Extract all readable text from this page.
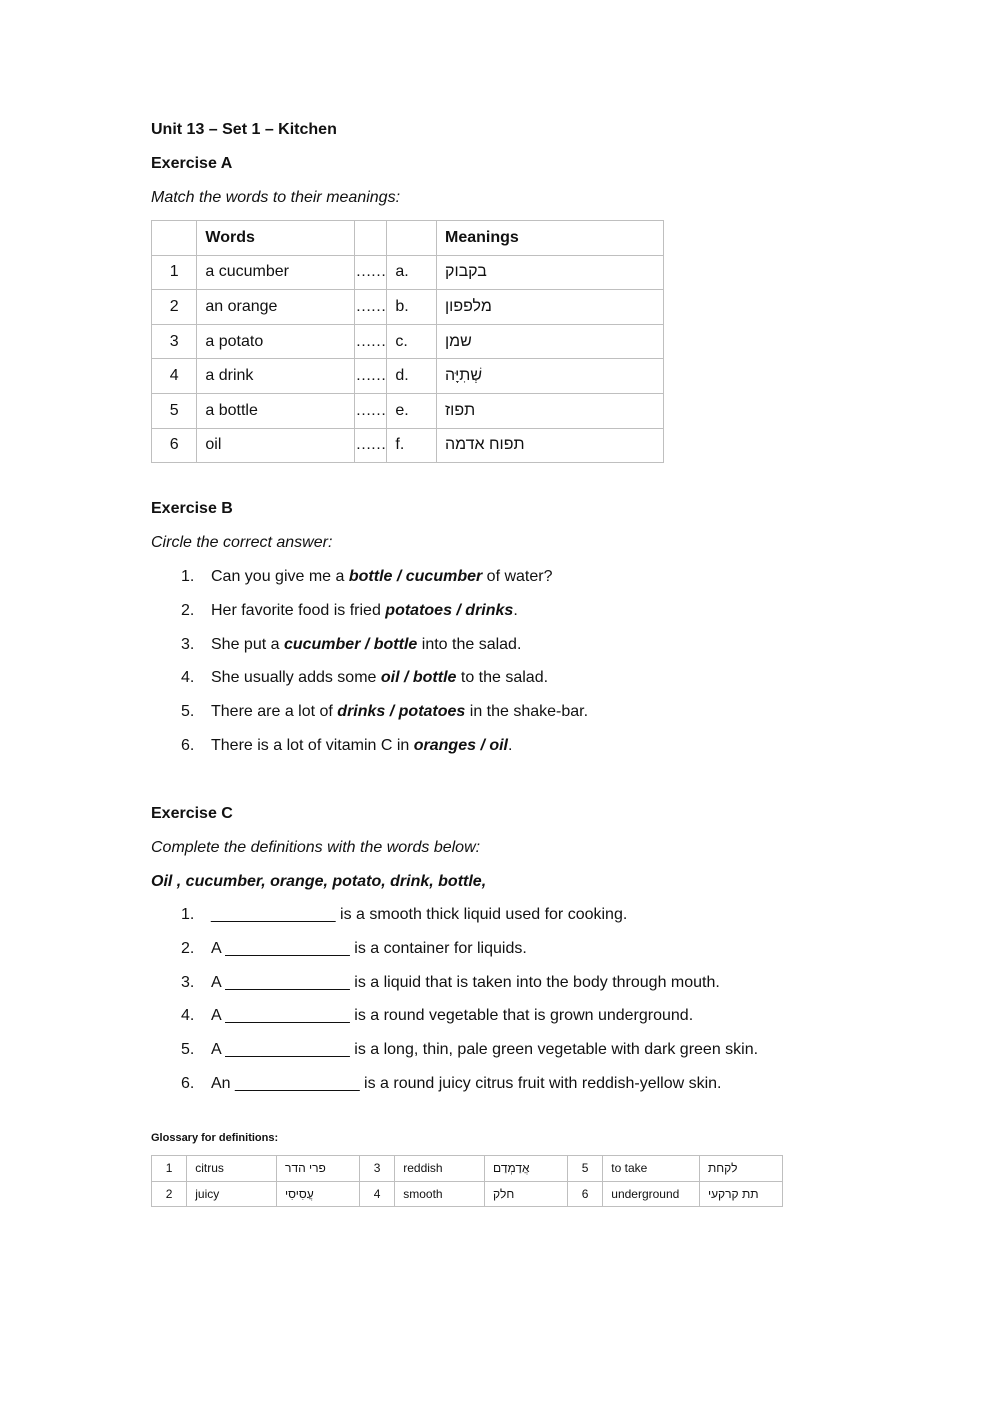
Unit 13 – Set 1 – Kitchen
Exercise A
Match the words to their meanings:
	Words			Meanings
1	a cucumber	……	a.	בקבוק
2	an orange	……	b.	מלפפון
3	a potato	……	c.	שמן
4	a drink	……	d.	שְׁתִיָּה
5	a bottle	……	e.	תפוז
6	oil	……	f.	תפוח אדמה
Exercise B
Circle the correct answer:
1.	Can you give me a bottle / cucumber of water?
2.	Her favorite food is fried potatoes / drinks.
3.	She put a cucumber / bottle into the salad.
4.	She usually adds some oil / bottle to the salad.
5.	There are a lot of drinks / potatoes in the shake-bar.
6.	There is a lot of vitamin C in oranges / oil.
Exercise C
Complete the definitions with the words below:
Oil , cucumber, orange, potato, drink, bottle,
1.	______________ is a smooth thick liquid used for cooking.
2.	A ______________ is a container for liquids.
3.	A ______________ is a liquid that is taken into the body through mouth.
4.	A ______________ is a round vegetable that is grown underground.
5.	A ______________ is a long, thin, pale green vegetable with dark green skin.
6.	An ______________ is a round juicy citrus fruit with reddish-yellow skin.
Glossary for definitions:
1	citrus	פרי הדר	3	reddish	אֲדַמְדַם	5	to take	לקחת
2	juicy	עֲסִיסִי	4	smooth	חלק	6	underground	תת קרקעי
